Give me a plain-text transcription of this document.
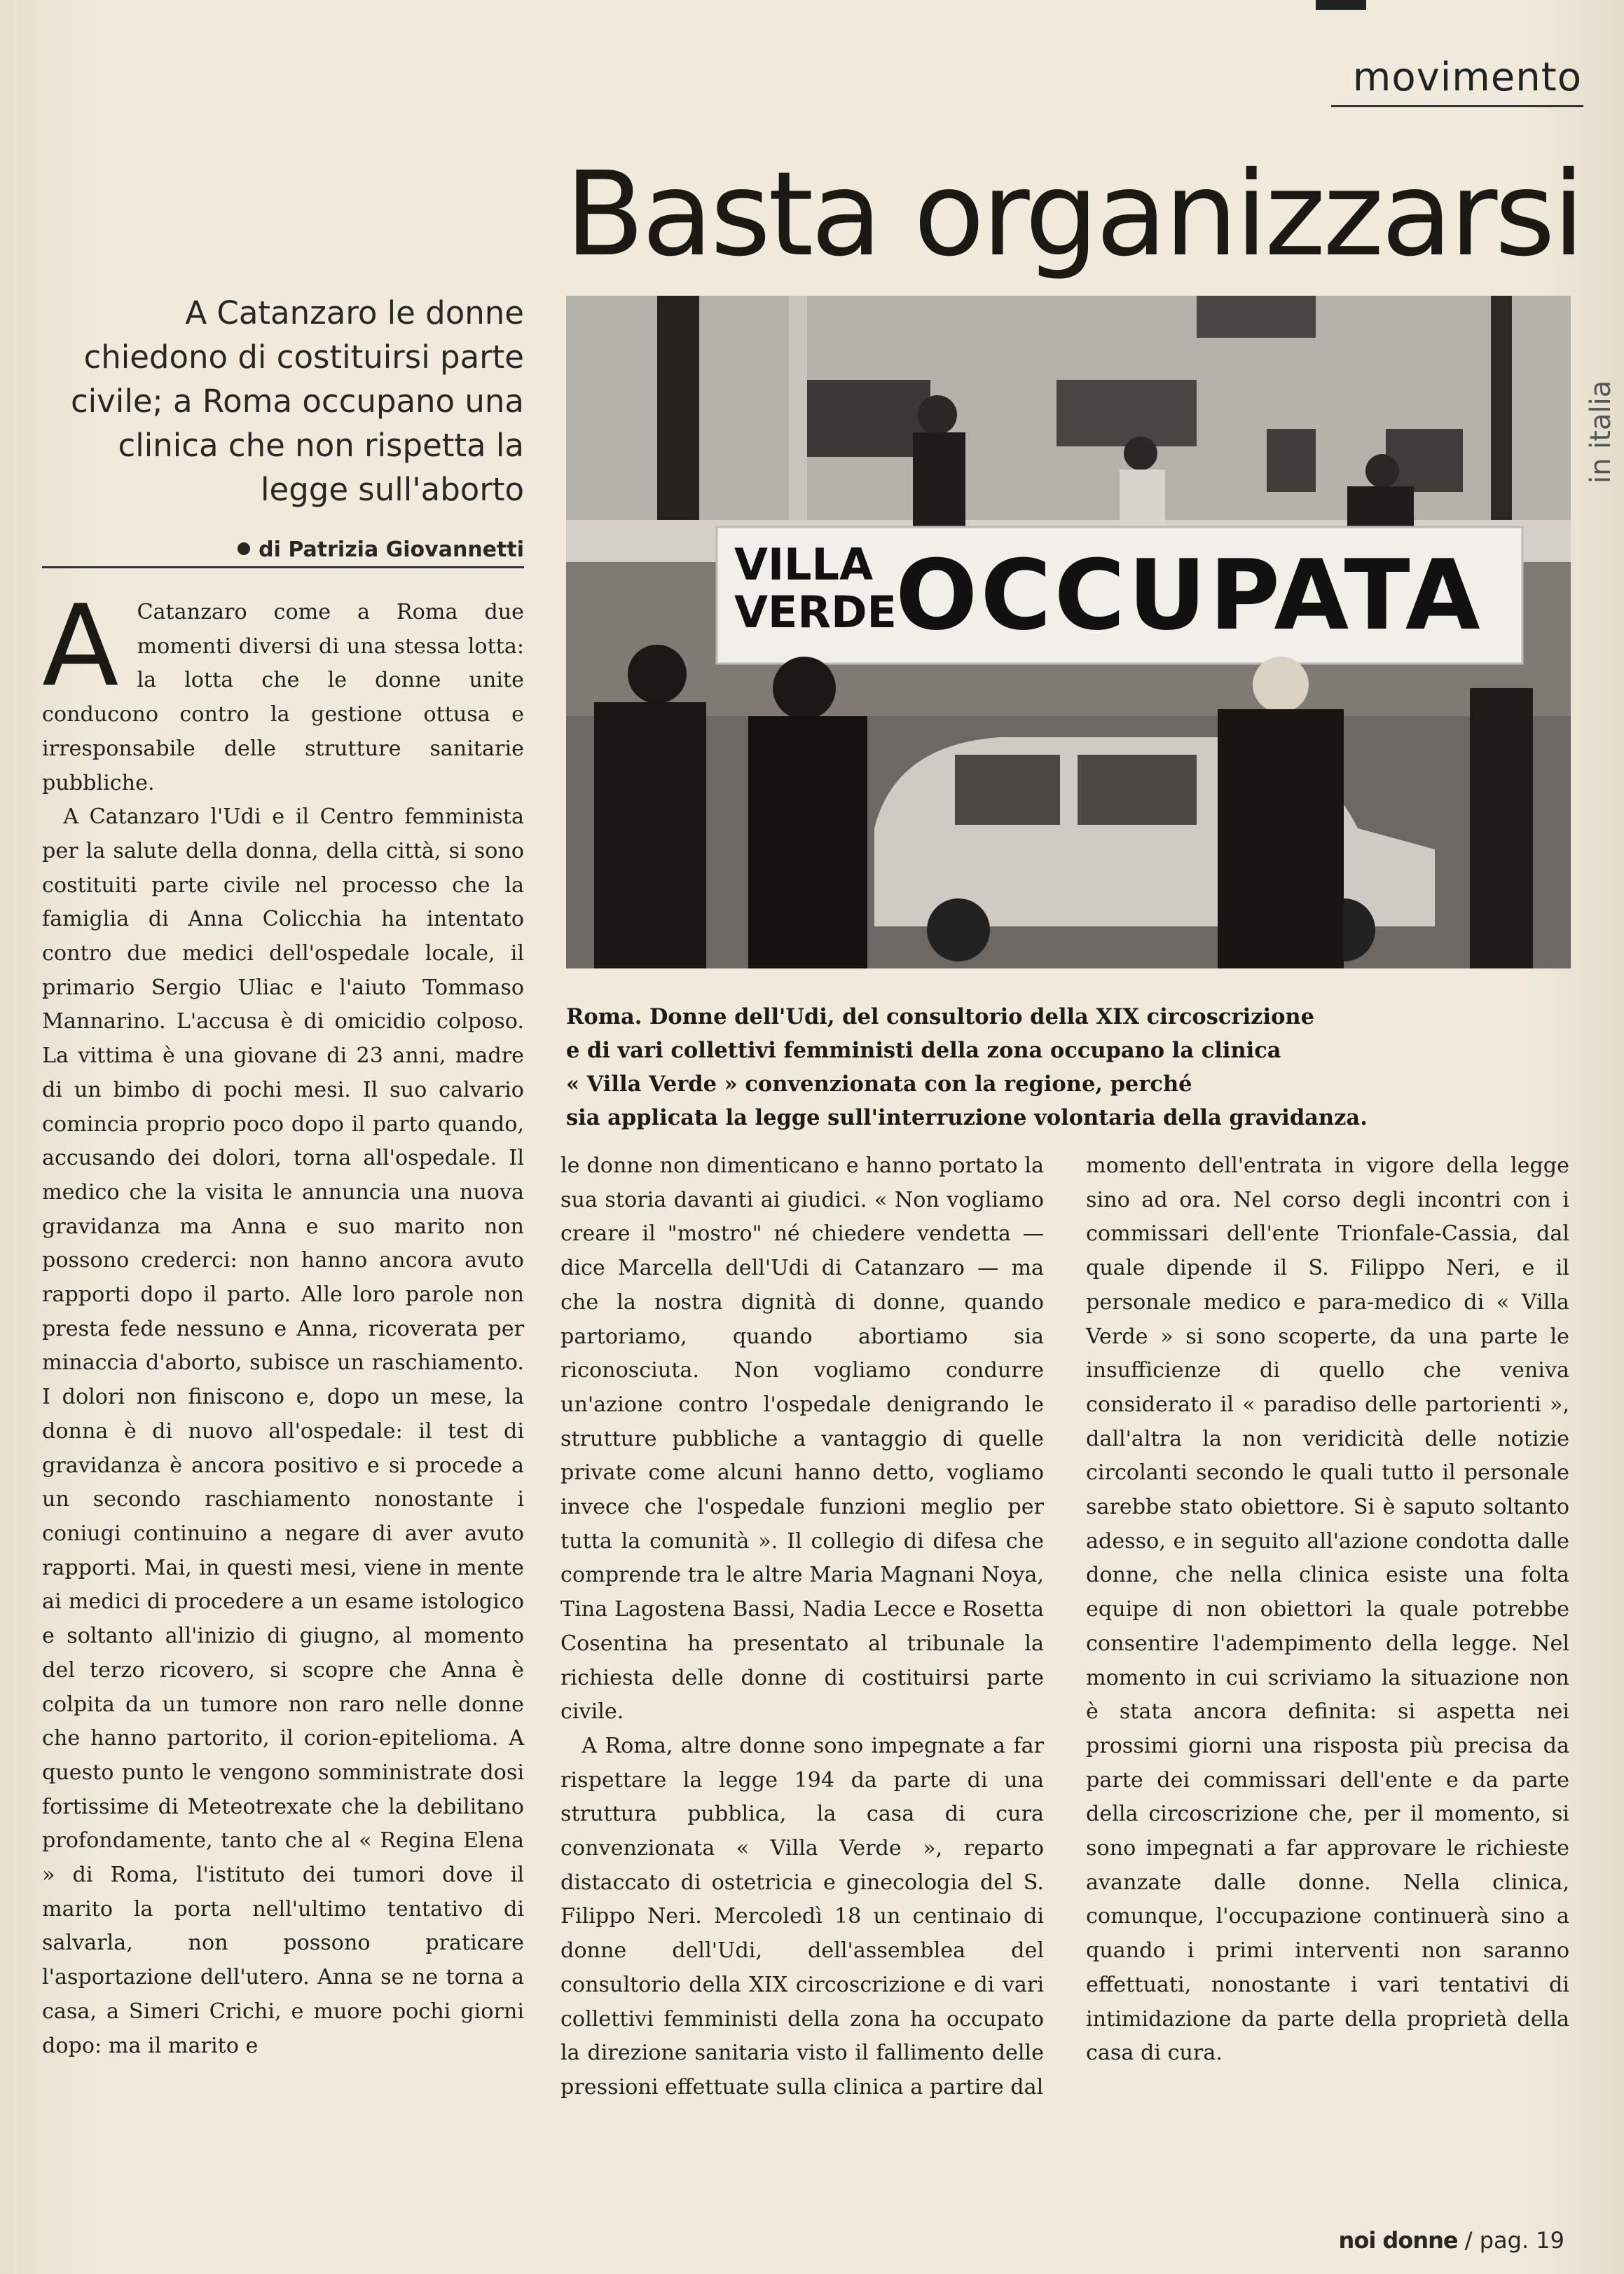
movimento
Basta organizzarsi
in italia

A Catanzaro le donne chiedono di costituirsi parte civile; a Roma occupano una clinica che non rispetta la legge sull'aborto

di Patrizia Giovannetti	VILLA VERDE
OCCUPATA
Roma. Donne dell'Udi, del consultorio della XIX circoscrizione
e di vari collettivi femministi della zona occupano la clinica
« Villa Verde » convenzionata con la regione, perché
sia applicata la legge sull'interruzione volontaria della gravidanza.

A Catanzaro come a Roma due momenti diversi di una stessa lotta: la lotta che le donne unite conducono contro la gestione ottusa e irresponsabile delle strutture sanitarie pubbliche.

A Catanzaro l'Udi e il Centro femminista per la salute della donna, della città, si sono costituiti parte civile nel processo che la famiglia di Anna Colicchia ha intentato contro due medici dell'ospedale locale, il primario Sergio Uliac e l'aiuto Tommaso Mannarino. L'accusa è di omicidio colposo. La vittima è una giovane di 23 anni, madre di un bimbo di pochi mesi. Il suo calvario comincia proprio poco dopo il parto quando, accusando dei dolori, torna all'ospedale. Il medico che la visita le annuncia una nuova gravidanza ma Anna e suo marito non possono crederci: non hanno ancora avuto rapporti dopo il parto. Alle loro parole non presta fede nessuno e Anna, ricoverata per minaccia d'aborto, subisce un raschiamento. I dolori non finiscono e, dopo un mese, la donna è di nuovo all'ospedale: il test di gravidanza è ancora positivo e si procede a un secondo raschiamento nonostante i coniugi continuino a negare di aver avuto rapporti. Mai, in questi mesi, viene in mente ai medici di procedere a un esame istologico e soltanto all'inizio di giugno, al momento del terzo ricovero, si scopre che Anna è colpita da un tumore non raro nelle donne che hanno partorito, il corion-epitelioma. A questo punto le vengono somministrate dosi fortissime di Meteotrexate che la debilitano profondamente, tanto che al « Regina Elena » di Roma, l'istituto dei tumori dove il marito la porta nell'ultimo tentativo di salvarla, non possono praticare l'asportazione dell'utero. Anna se ne torna a casa, a Simeri Crichi, e muore pochi giorni dopo: ma il marito e

le donne non dimenticano e hanno portato la sua storia davanti ai giudici. « Non vogliamo creare il "mostro" né chiedere vendetta — dice Marcella dell'Udi di Catanzaro — ma che la nostra dignità di donne, quando partoriamo, quando abortiamo sia riconosciuta. Non vogliamo condurre un'azione contro l'ospedale denigrando le strutture pubbliche a vantaggio di quelle private come alcuni hanno detto, vogliamo invece che l'ospedale funzioni meglio per tutta la comunità ». Il collegio di difesa che comprende tra le altre Maria Magnani Noya, Tina Lagostena Bassi, Nadia Lecce e Rosetta Cosentina ha presentato al tribunale la richiesta delle donne di costituirsi parte civile.

A Roma, altre donne sono impegnate a far rispettare la legge 194 da parte di una struttura pubblica, la casa di cura convenzionata « Villa Verde », reparto distaccato di ostetricia e ginecologia del S. Filippo Neri. Mercoledì 18 un centinaio di donne dell'Udi, dell'assemblea del consultorio della XIX circoscrizione e di vari collettivi femministi della zona ha occupato la direzione sanitaria visto il fallimento delle pressioni effettuate sulla clinica a partire dal

momento dell'entrata in vigore della legge sino ad ora. Nel corso degli incontri con i commissari dell'ente Trionfale-Cassia, dal quale dipende il S. Filippo Neri, e il personale medico e para-medico di « Villa Verde » si sono scoperte, da una parte le insufficienze di quello che veniva considerato il « paradiso delle partorienti », dall'altra la non veridicità delle notizie circolanti secondo le quali tutto il personale sarebbe stato obiettore. Si è saputo soltanto adesso, e in seguito all'azione condotta dalle donne, che nella clinica esiste una folta equipe di non obiettori la quale potrebbe consentire l'adempimento della legge. Nel momento in cui scriviamo la situazione non è stata ancora definita: si aspetta nei prossimi giorni una risposta più precisa da parte dei commissari dell'ente e da parte della circoscrizione che, per il momento, si sono impegnati a far approvare le richieste avanzate dalle donne. Nella clinica, comunque, l'occupazione continuerà sino a quando i primi interventi non saranno effettuati, nonostante i vari tentativi di intimidazione da parte della proprietà della casa di cura.

noi donne / pag. 19
